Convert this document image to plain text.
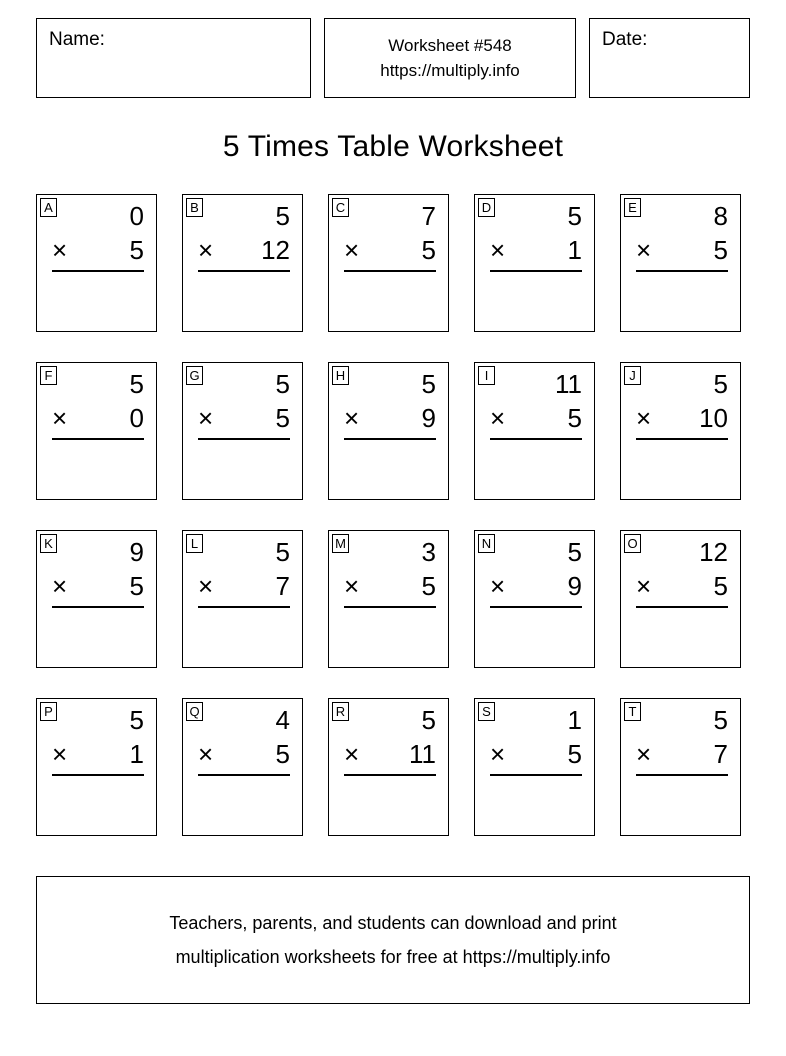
Name:	Worksheet #548
https://multiply.info
Date:
5 Times Table Worksheet
A	0
× 5
B	5
× 12
C	7
× 5
D	5
× 1
E	8
× 5
F	5
× 0
G	5
× 5
H	5
× 9
I	11
× 5
J	5
× 10
K	9
× 5
L	5
× 7
M	3
× 5
N	5
× 9
O	12
× 5
P	5
× 1
Q	4
× 5
R	5
× 11
S	1
× 5
T	5
× 7
Teachers, parents, and students can download and print
multiplication worksheets for free at https://multiply.info
